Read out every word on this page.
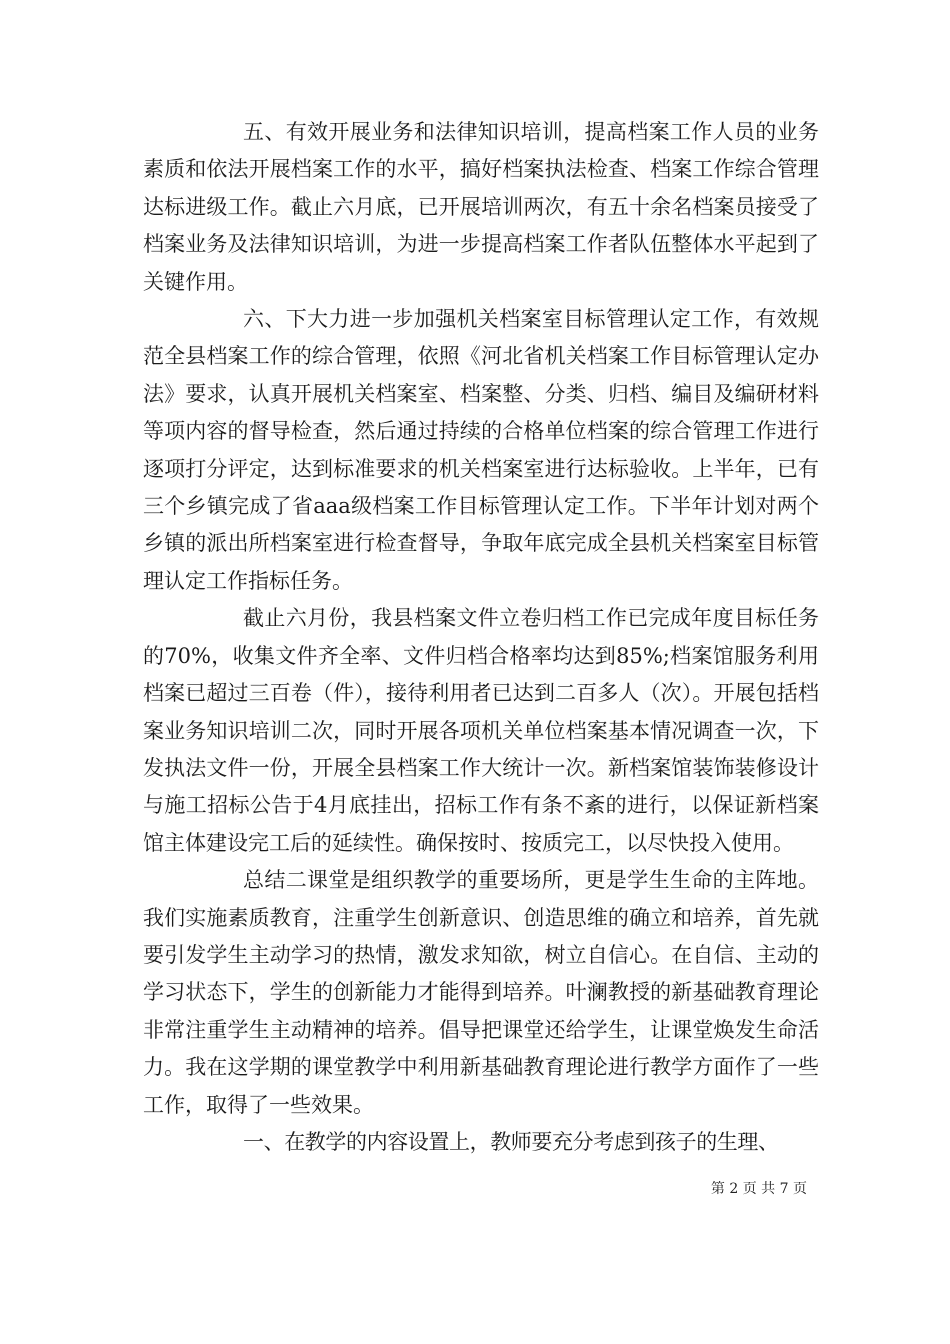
五、有效开展业务和法律知识培训，提高档案工作人员的业务素质和依法开展档案工作的水平，搞好档案执法检查、档案工作综合管理达标进级工作。截止六月底，已开展培训两次，有五十余名档案员接受了档案业务及法律知识培训，为进一步提高档案工作者队伍整体水平起到了关键作用。

六、下大力进一步加强机关档案室目标管理认定工作，有效规范全县档案工作的综合管理，依照《河北省机关档案工作目标管理认定办法》要求，认真开展机关档案室、档案整、分类、归档、编目及编研材料等项内容的督导检查，然后通过持续的合格单位档案的综合管理工作进行逐项打分评定，达到标准要求的机关档案室进行达标验收。上半年，已有三个乡镇完成了省aaa级档案工作目标管理认定工作。下半年计划对两个乡镇的派出所档案室进行检查督导，争取年底完成全县机关档案室目标管理认定工作指标任务。

截止六月份，我县档案文件立卷归档工作已完成年度目标任务的70%，收集文件齐全率、文件归档合格率均达到85%;档案馆服务利用档案已超过三百卷（件），接待利用者已达到二百多人（次）。开展包括档案业务知识培训二次，同时开展各项机关单位档案基本情况调查一次，下发执法文件一份，开展全县档案工作大统计一次。新档案馆装饰装修设计与施工招标公告于4月底挂出，招标工作有条不紊的进行，以保证新档案馆主体建设完工后的延续性。确保按时、按质完工，以尽快投入使用。

总结二课堂是组织教学的重要场所，更是学生生命的主阵地。我们实施素质教育，注重学生创新意识、创造思维的确立和培养，首先就要引发学生主动学习的热情，激发求知欲，树立自信心。在自信、主动的学习状态下，学生的创新能力才能得到培养。叶澜教授的新基础教育理论非常注重学生主动精神的培养。倡导把课堂还给学生，让课堂焕发生命活力。我在这学期的课堂教学中利用新基础教育理论进行教学方面作了一些工作，取得了一些效果。

一、在教学的内容设置上，教师要充分考虑到孩子的生理、

第 2 页 共 7 页
